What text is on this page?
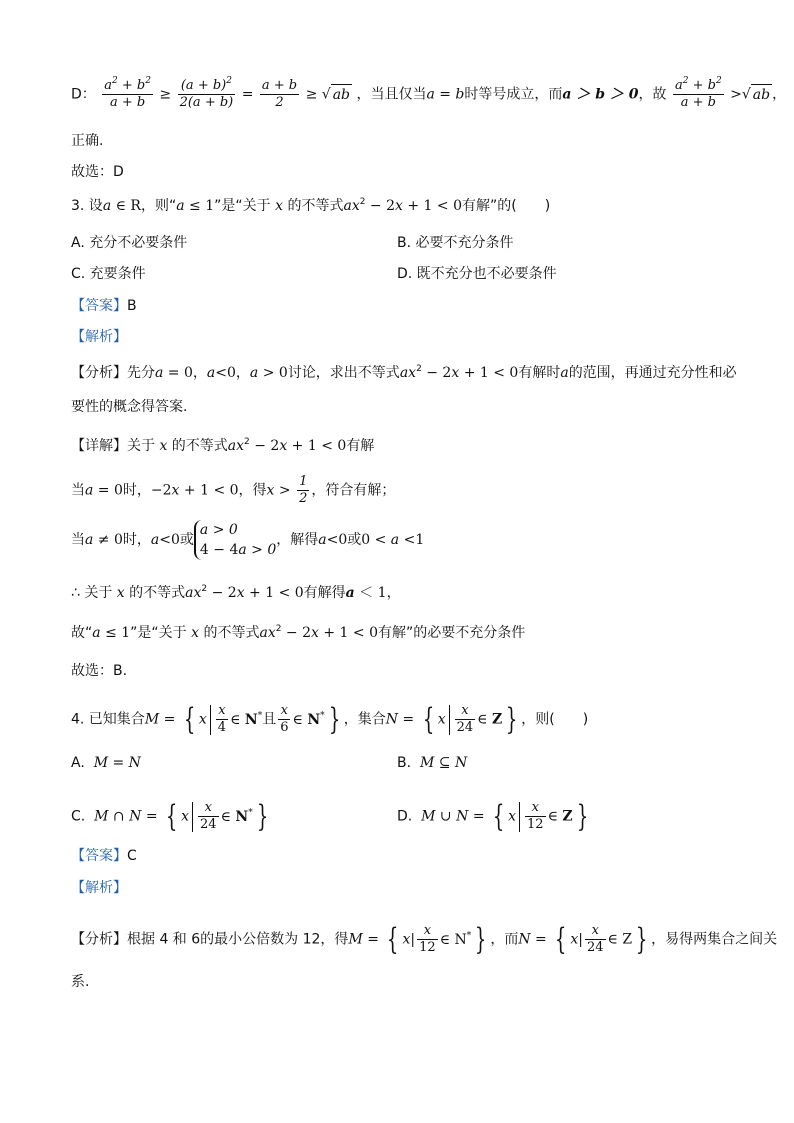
D： $\frac{a^2 + b^2}{a + b} \ge \frac{(a + b)^2}{2(a + b)} = \frac{a + b}{2}$ ≥ √ ab ，当且仅当a = b时等号成立，而a ＞ b ＞ 0，故 $\frac{a^2 + b^2}{a + b}$ >√ ab ，
正确.
故选：D
3. 设a ∈ R，则“a ≤ 1”是“关于 x 的不等式$ax^2 - 2x + 1 < 0$有解”的(　　)
A. 充分不必要条件	B. 必要不充分条件
C. 充要条件	D. 既不充分也不必要条件
【答案】B
【解析】
【分析】先分a = 0，a<0，a > 0讨论，求出不等式$ax^2 - 2x + 1 < 0$有解时a的范围，再通过充分性和必
要性的概念得答案.
【详解】关于 x 的不等式$ax^2 - 2x + 1 < 0$有解
当a = 0时，−2x + 1 < 0，得$x > \frac{1}{2}$ ，符合有解；
当a ≠ 0时，a<0或a > 0
4 − 4a > 0，解得a<0或0 < a <1
∴ 关于 x 的不等式$ax^2 - 2x + 1 < 0$有解得a ＜ 1，
故“a ≤ 1”是“关于 x 的不等式$ax^2 - 2x + 1 < 0$有解”的必要不充分条件
故选：B.
4. 已知集合M = { x $\frac{x}{4}$ ∈ N*且 $\frac{x}{6}$ ∈ N* } ，集合N = { x $\frac{x}{24}$ ∈ Z } ，则(　　)
A. M = N	B. M ⊆ N
C. M ∩ N = { x $\frac{x}{24}$ ∈ N* }	D. M ∪ N = { x $\frac{x}{12}$ ∈ Z }
【答案】C
【解析】
【分析】根据 4 和 6的最小公倍数为 12，得M = { $x| \frac{x}{12}$ ∈ N* } ，而N = { $x| \frac{x}{24}$ ∈ Z } ，易得两集合之间关
系.
